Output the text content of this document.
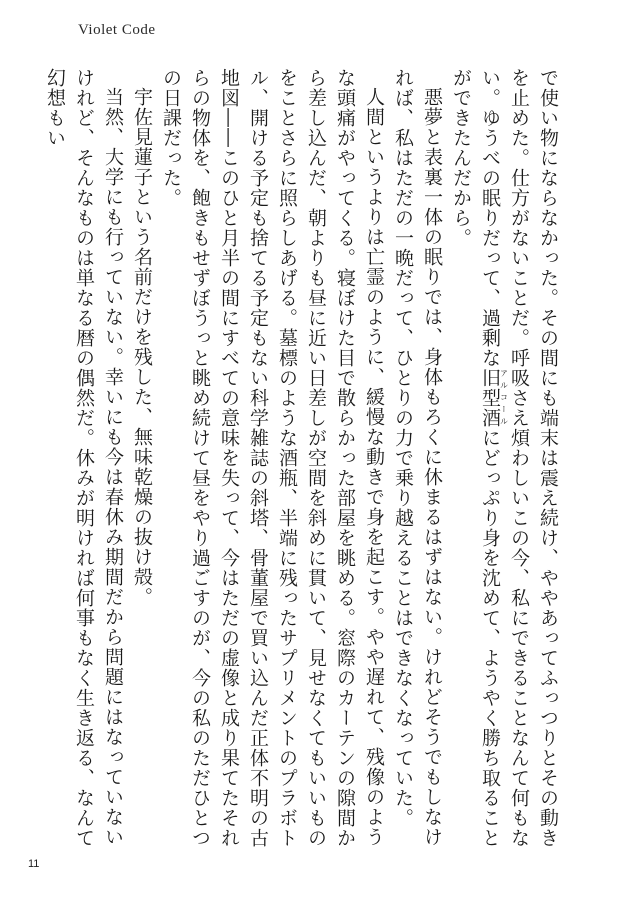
Violet Code

で使い物にならなかった。その間にも端末は震え続け、ややあってふっつりとその動きを止めた。仕方がないことだ。呼吸さえ煩わしいこの今、私にできることなんて何もない。ゆうべの眠りだって、過剰な旧型酒アルコールにどっぷり身を沈めて、ようやく勝ち取ることができたんだから。

悪夢と表裏一体の眠りでは、身体もろくに休まるはずはない。けれどそうでもしなければ、私はただの一晩だって、ひとりの力で乗り越えることはできなくなっていた。

人間というよりは亡霊のように、緩慢な動きで身を起こす。やや遅れて、残像のような頭痛がやってくる。寝ぼけた目で散らかった部屋を眺める。窓際のカーテンの隙間から差し込んだ、朝よりも昼に近い日差しが空間を斜めに貫いて、見せなくてもいいものをことさらに照らしあげる。墓標のような酒瓶、半端に残ったサプリメントのプラボトル、開ける予定も捨てる予定もない科学雑誌の斜塔、骨董屋で買い込んだ正体不明の古地図――このひと月半の間にすべての意味を失って、今はただの虚像と成り果てたそれらの物体を、飽きもせずぼうっと眺め続けて昼をやり過ごすのが、今の私のただひとつの日課だった。

宇佐見蓮子という名前だけを残した、無味乾燥の抜け殻。

当然、大学にも行っていない。幸いにも今は春休み期間だから問題にはなっていないけれど、そんなものは単なる暦の偶然だ。休みが明ければ何事もなく生き返る、なんて幻想もい

11
